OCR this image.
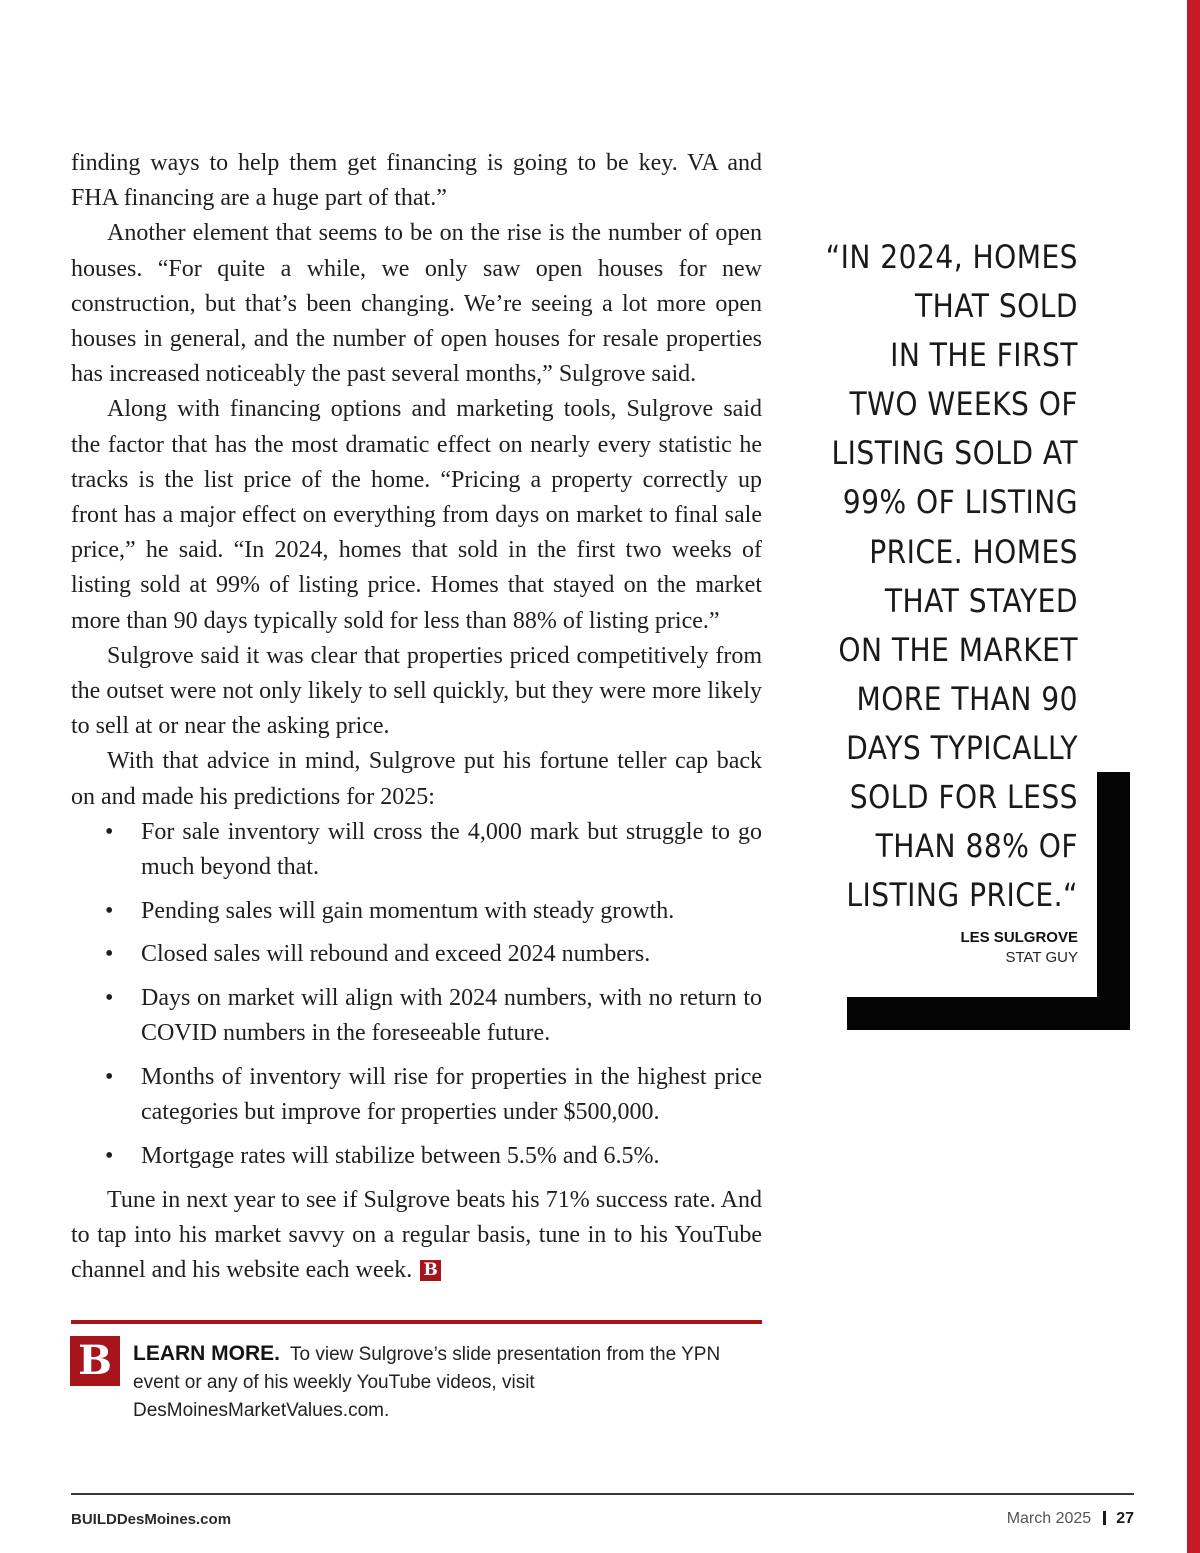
finding ways to help them get financing is going to be key. VA and FHA financing are a huge part of that.”

Another element that seems to be on the rise is the number of open houses. “For quite a while, we only saw open houses for new construction, but that’s been changing. We’re seeing a lot more open houses in general, and the number of open houses for resale properties has increased noticeably the past several months,” Sulgrove said.

Along with financing options and marketing tools, Sulgrove said the factor that has the most dramatic effect on nearly every statistic he tracks is the list price of the home. “Pricing a property correctly up front has a major effect on everything from days on market to final sale price,” he said. “In 2024, homes that sold in the first two weeks of listing sold at 99% of listing price. Homes that stayed on the market more than 90 days typically sold for less than 88% of listing price.”

Sulgrove said it was clear that properties priced competitively from the outset were not only likely to sell quickly, but they were more likely to sell at or near the asking price.

With that advice in mind, Sulgrove put his fortune teller cap back on and made his predictions for 2025:

• For sale inventory will cross the 4,000 mark but struggle to go much beyond that.
• Pending sales will gain momentum with steady growth.
• Closed sales will rebound and exceed 2024 numbers.
• Days on market will align with 2024 numbers, with no return to COVID numbers in the foreseeable future.
• Months of inventory will rise for properties in the highest price categories but improve for properties under $500,000.
• Mortgage rates will stabilize between 5.5% and 6.5%.

Tune in next year to see if Sulgrove beats his 71% success rate. And to tap into his market savvy on a regular basis, tune in to his YouTube channel and his website each week. B

B	LEARN MORE. To view Sulgrove’s slide presentation from the YPN event or any of his weekly YouTube videos, visit DesMoinesMarketValues.com.
“IN 2024, HOMES
THAT SOLD
IN THE FIRST
TWO WEEKS OF
LISTING SOLD AT
99% OF LISTING
PRICE. HOMES
THAT STAYED
ON THE MARKET
MORE THAN 90
DAYS TYPICALLY
SOLD FOR LESS
THAN 88% OF
LISTING PRICE.“
LES SULGROVE
STAT GUY
BUILDDesMoines.com	March 2025 27
